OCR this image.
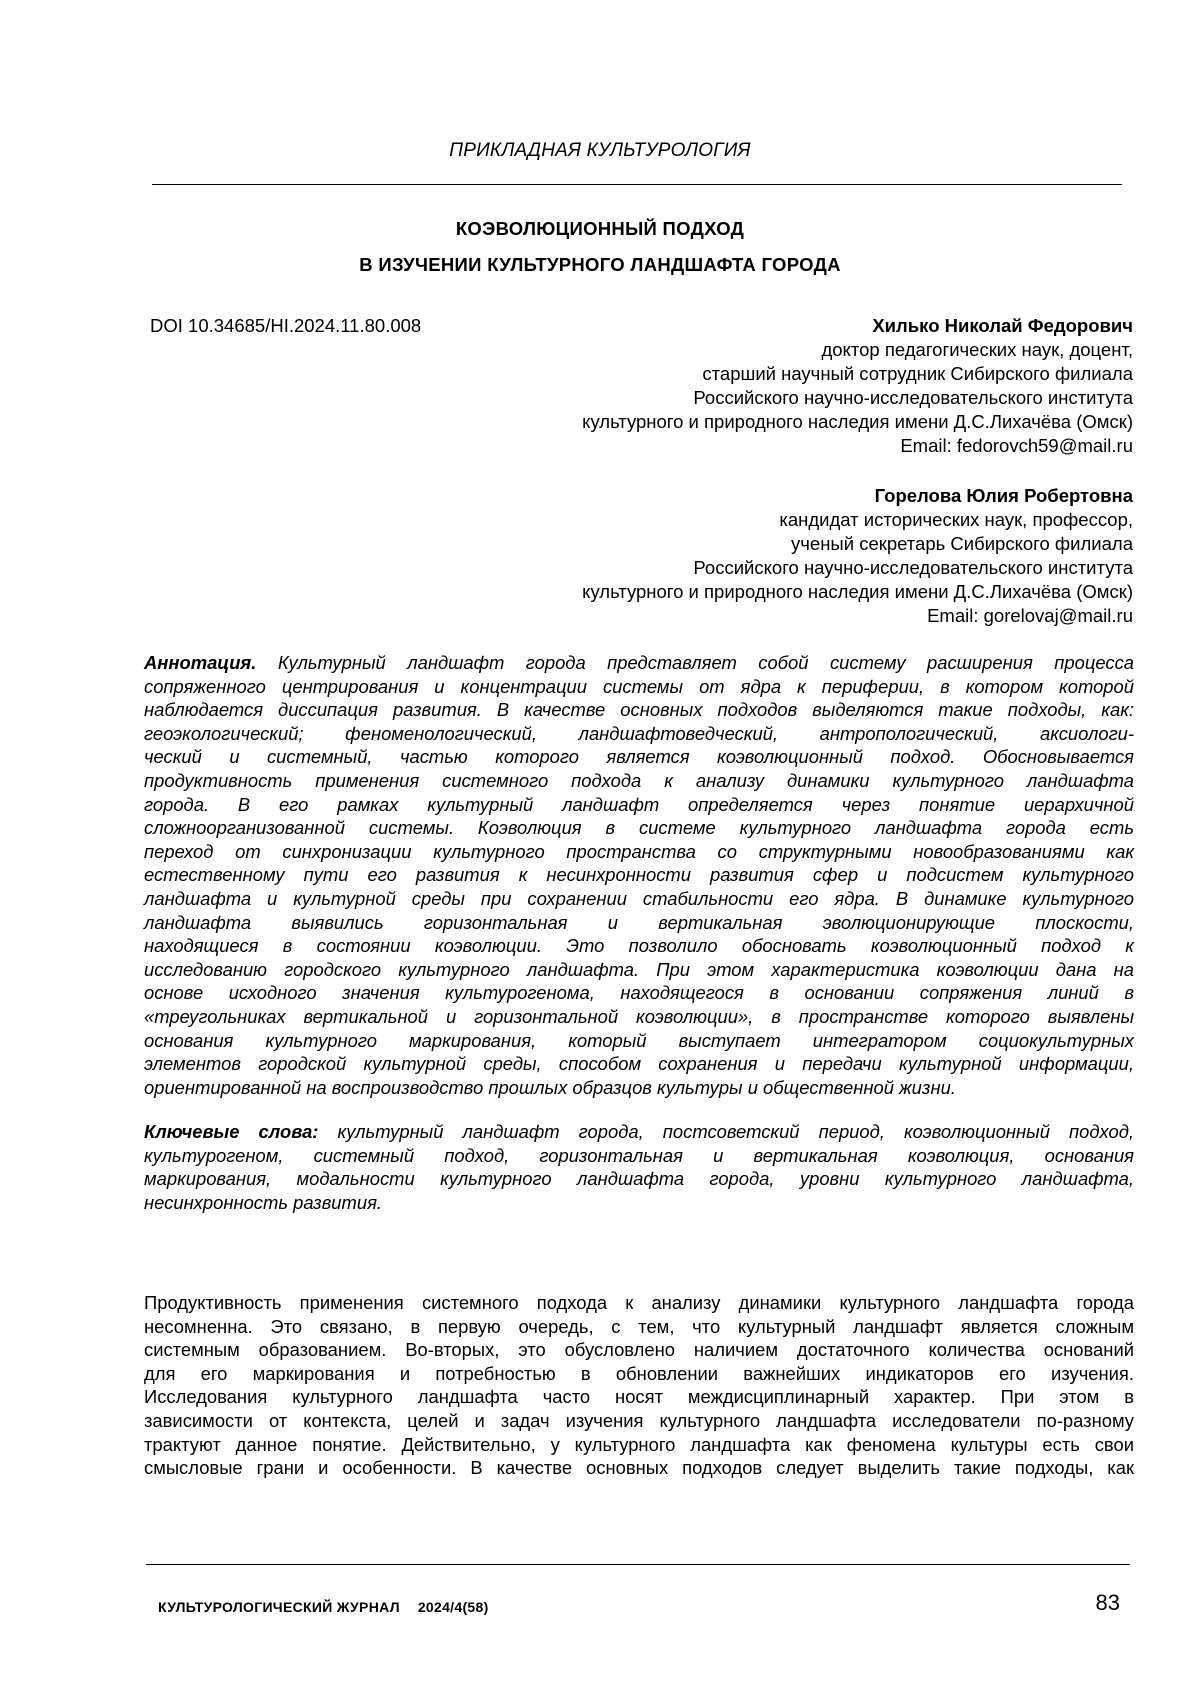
ПРИКЛАДНАЯ КУЛЬТУРОЛОГИЯ
КОЭВОЛЮЦИОННЫЙ ПОДХОД
В ИЗУЧЕНИИ КУЛЬТУРНОГО ЛАНДШАФТА ГОРОДА
DOI 10.34685/HI.2024.11.80.008	Хилько Николай Федорович
доктор педагогических наук, доцент,
старший научный сотрудник Сибирского филиала
Российского научно-исследовательского института
культурного и природного наследия имени Д.С.Лихачёва (Омск)
Email: fedorovch59@mail.ru
Горелова Юлия Робертовна
кандидат исторических наук, профессор,
ученый секретарь Сибирского филиала
Российского научно-исследовательского института
культурного и природного наследия имени Д.С.Лихачёва (Омск)
Email: gorelovaj@mail.ru
Аннотация. Культурный ландшафт города представляет собой систему расширения процесса
сопряженного центрирования и концентрации системы от ядра к периферии, в котором которой
наблюдается диссипация развития. В качестве основных подходов выделяются такие подходы, как:
геоэкологический; феноменологический, ландшафтоведческий, антропологический, аксиологи-
ческий и системный, частью которого является коэволюционный подход. Обосновывается
продуктивность применения системного подхода к анализу динамики культурного ландшафта
города. В его рамках культурный ландшафт определяется через понятие иерархичной
сложноорганизованной системы. Коэволюция в системе культурного ландшафта города есть
переход от синхронизации культурного пространства со структурными новообразованиями как
естественному пути его развития к несинхронности развития сфер и подсистем культурного
ландшафта и культурной среды при сохранении стабильности его ядра. В динамике культурного
ландшафта выявились горизонтальная и вертикальная эволюционирующие плоскости,
находящиеся в состоянии коэволюции. Это позволило обосновать коэволюционный подход к
исследованию городского культурного ландшафта. При этом характеристика коэволюции дана на
основе исходного значения культурогенома, находящегося в основании сопряжения линий в
«треугольниках вертикальной и горизонтальной коэволюции», в пространстве которого выявлены
основания культурного маркирования, который выступает интегратором социокультурных
элементов городской культурной среды, способом сохранения и передачи культурной информации,
ориентированной на воспроизводство прошлых образцов культуры и общественной жизни.
Ключевые слова: культурный ландшафт города, постсоветский период, коэволюционный подход,
культурогеном, системный подход, горизонтальная и вертикальная коэволюция, основания
маркирования, модальности культурного ландшафта города, уровни культурного ландшафта,
несинхронность развития.
Продуктивность применения системного подхода к анализу динамики культурного ландшафта города
несомненна. Это связано, в первую очередь, с тем, что культурный ландшафт является сложным
системным образованием. Во-вторых, это обусловлено наличием достаточного количества оснований
для его маркирования и потребностью в обновлении важнейших индикаторов его изучения.
Исследования культурного ландшафта часто носят междисциплинарный характер. При этом в
зависимости от контекста, целей и задач изучения культурного ландшафта исследователи по-разному
трактуют данное понятие. Действительно, у культурного ландшафта как феномена культуры есть свои
смысловые грани и особенности. В качестве основных подходов следует выделить такие подходы, как
КУЛЬТУРОЛОГИЧЕСКИЙ ЖУРНАЛ 2024/4(58)	83
